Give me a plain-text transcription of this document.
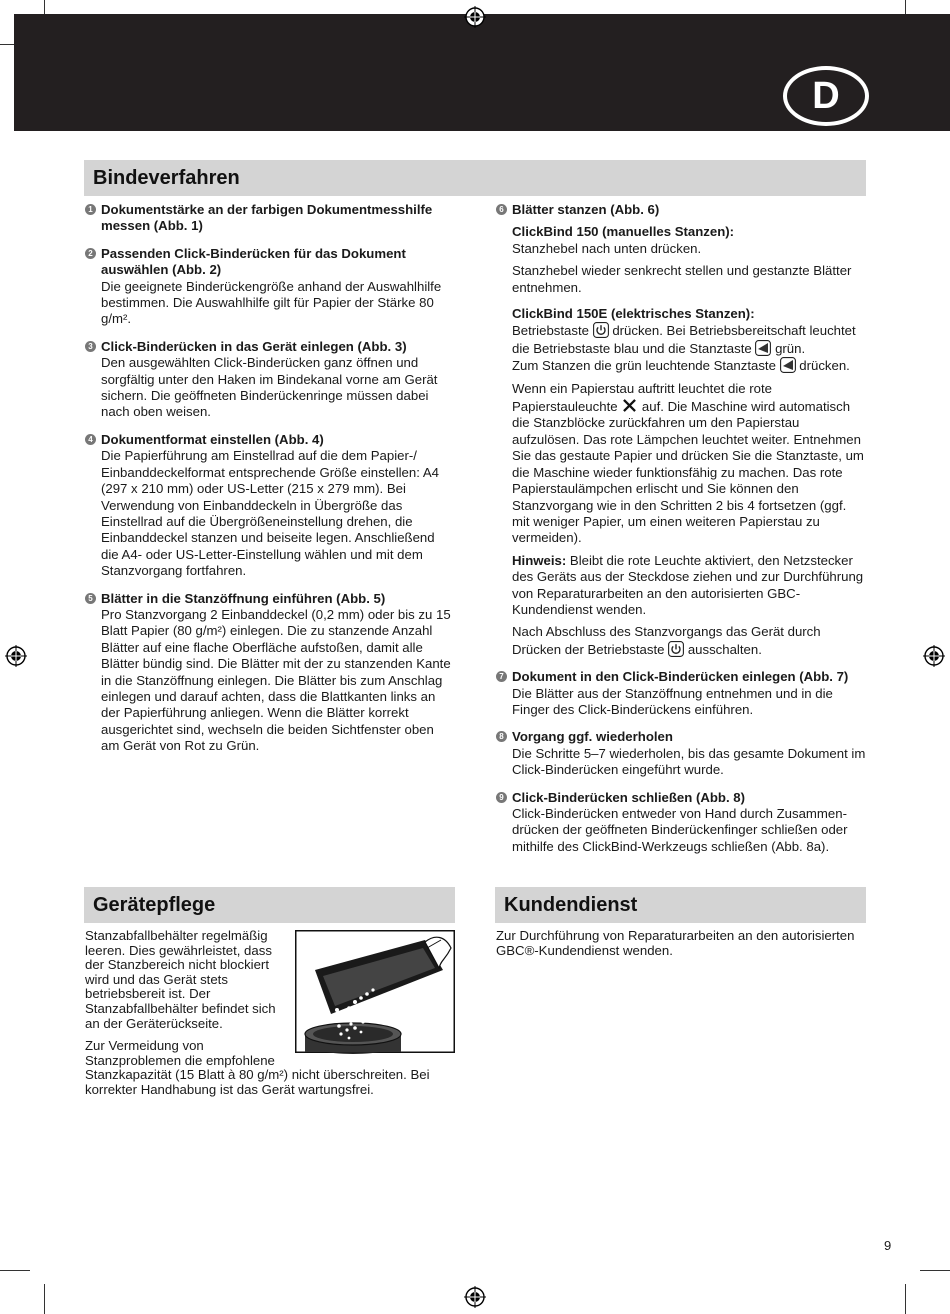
D
Bindeverfahren
1 Dokumentstärke an der farbigen Dokumentmesshilfe messen (Abb. 1)
2 Passenden Click-Binderücken für das Dokument auswählen (Abb. 2)
Die geeignete Binderückengröße anhand der Auswahlhilfe bestimmen. Die Auswahlhilfe gilt für Papier der Stärke 80 g/m².
3 Click-Binderücken in das Gerät einlegen (Abb. 3)
Den ausgewählten Click-Binderücken ganz öffnen und sorgfältig unter den Haken im Bindekanal vorne am Gerät sichern. Die geöffneten Binderückenringe müssen dabei nach oben weisen.
4 Dokumentformat einstellen (Abb. 4)
Die Papierführung am Einstellrad auf die dem Papier-/ Einbanddeckelformat entsprechende Größe einstellen: A4 (297 x 210 mm) oder US-Letter (215 x 279 mm). Bei Verwendung von Einbanddeckeln in Übergröße das Einstellrad auf die Übergrößeneinstellung drehen, die Einbanddeckel stanzen und beiseite legen. Anschließend die A4- oder US-Letter-Einstellung wählen und mit dem Stanzvorgang fortfahren.
5 Blätter in die Stanzöffnung einführen (Abb. 5)
Pro Stanzvorgang 2 Einbanddeckel (0,2 mm) oder bis zu 15 Blatt Papier (80 g/m²) einlegen. Die zu stanzende Anzahl Blätter auf eine flache Oberfläche aufstoßen, damit alle Blätter bündig sind. Die Blätter mit der zu stanzenden Kante in die Stanzöffnung einlegen. Die Blätter bis zum Anschlag einlegen und darauf achten, dass die Blattkanten links an der Papierführung anliegen. Wenn die Blätter korrekt ausgerichtet sind, wechseln die beiden Sichtfenster oben am Gerät von Rot zu Grün.
6 Blätter stanzen (Abb. 6)
ClickBind 150 (manuelles Stanzen):
Stanzhebel nach unten drücken.
Stanzhebel wieder senkrecht stellen und gestanzte Blätter entnehmen.
ClickBind 150E (elektrisches Stanzen):
Betriebstaste drücken. Bei Betriebsbereitschaft leuchtet die Betriebstaste blau und die Stanztaste grün.
Zum Stanzen die grün leuchtende Stanztaste drücken.
Wenn ein Papierstau auftritt leuchtet die rote Papierstauleuchte auf. Die Maschine wird automatisch die Stanzblöcke zurückfahren um den Papierstau aufzulösen. Das rote Lämpchen leuchtet weiter. Entnehmen Sie das gestaute Papier und drücken Sie die Stanztaste, um die Maschine wieder funktionsfähig zu machen. Das rote Papierstaulämpchen erlischt und Sie können den Stanzvorgang wie in den Schritten 2 bis 4 fortsetzen (ggf. mit weniger Papier, um einen weiteren Papierstau zu vermeiden).
Hinweis: Bleibt die rote Leuchte aktiviert, den Netzstecker des Geräts aus der Steckdose ziehen und zur Durchführung von Reparaturarbeiten an den autorisierten GBC-Kundendienst wenden.
Nach Abschluss des Stanzvorgangs das Gerät durch Drücken der Betriebstaste ausschalten.
7 Dokument in den Click-Binderücken einlegen (Abb. 7)
Die Blätter aus der Stanzöffnung entnehmen und in die Finger des Click-Binderückens einführen.
8 Vorgang ggf. wiederholen
Die Schritte 5–7 wiederholen, bis das gesamte Dokument im Click-Binderücken eingeführt wurde.
9 Click-Binderücken schließen (Abb. 8)
Click-Binderücken entweder von Hand durch Zusammen-drücken der geöffneten Binderückenfinger schließen oder mithilfe des ClickBind-Werkzeugs schließen (Abb. 8a).
Gerätepflege
Stanzabfallbehälter regelmäßig leeren. Dies gewährleistet, dass der Stanzbereich nicht blockiert wird und das Gerät stets betriebsbereit ist. Der Stanzabfallbehälter befindet sich an der Geräterückseite.
Zur Vermeidung von Stanzproblemen die empfohlene
Stanzkapazität (15 Blatt à 80 g/m²) nicht überschreiten. Bei korrekter Handhabung ist das Gerät wartungsfrei.
Kundendienst
Zur Durchführung von Reparaturarbeiten an den autorisierten GBC®-Kundendienst wenden.
9
